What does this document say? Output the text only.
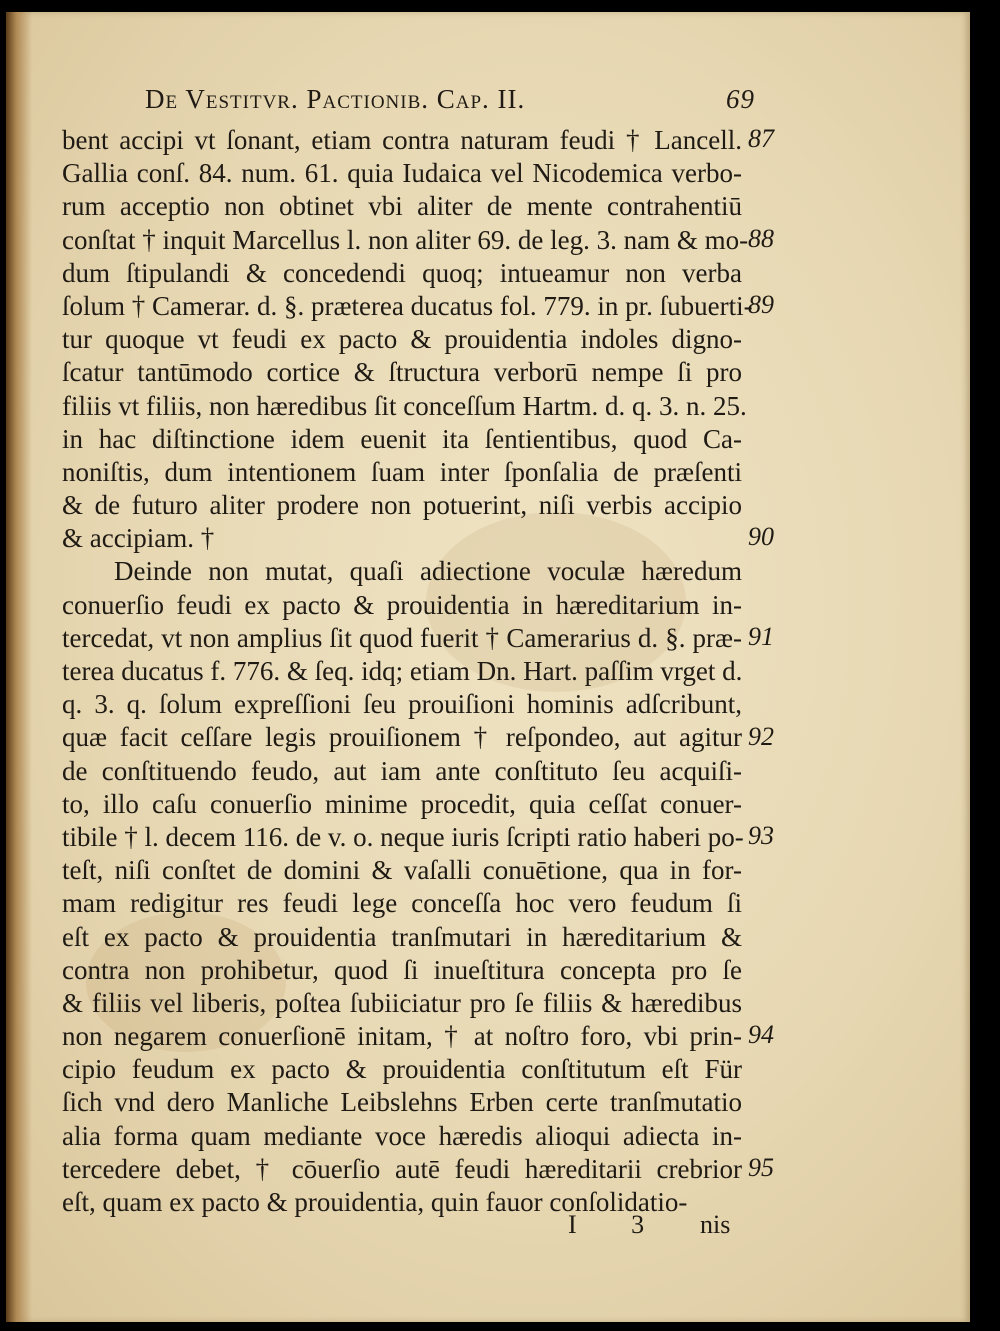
De Vestitvr. Pactionib. Cap. II.	69
bent accipi vt ſonant, etiam contra naturam feudi † Lancell.
Gallia conſ. 84. num. 61. quia Iudaica vel Nicodemica verbo-
rum acceptio non obtinet vbi aliter de mente contrahentiū
conſtat † inquit Marcellus l. non aliter 69. de leg. 3. nam & mo-
dum ſtipulandi & concedendi quoq; intueamur non verba
ſolum † Camerar. d. §. præterea ducatus fol. 779. in pr. ſubuerti-
tur quoque vt feudi ex pacto & prouidentia indoles digno-
ſcatur tantūmodo cortice & ſtructura verborū nempe ſi pro
filiis vt filiis, non hæredibus ſit conceſſum Hartm. d. q. 3. n. 25.
in hac diſtinctione idem euenit ita ſentientibus, quod Ca-
noniſtis, dum intentionem ſuam inter ſponſalia de præſenti
& de futuro aliter prodere non potuerint, niſi verbis accipio
& accipiam. †
Deinde non mutat, quaſi adiectione voculæ hæredum
conuerſio feudi ex pacto & prouidentia in hæreditarium in-
tercedat, vt non amplius ſit quod fuerit † Camerarius d. §. præ-
terea ducatus f. 776. & ſeq. idq; etiam Dn. Hart. paſſim vrget d.
q. 3. q. ſolum expreſſioni ſeu prouiſioni hominis adſcribunt,
quæ facit ceſſare legis prouiſionem † reſpondeo, aut agitur
de conſtituendo feudo, aut iam ante conſtituto ſeu acquiſi-
to, illo caſu conuerſio minime procedit, quia ceſſat conuer-
tibile † l. decem 116. de v. o. neque iuris ſcripti ratio haberi po-
teſt, niſi conſtet de domini & vaſalli conuētione, qua in for-
mam redigitur res feudi lege conceſſa hoc vero feudum ſi
eſt ex pacto & prouidentia tranſmutari in hæreditarium &
contra non prohibetur, quod ſi inueſtitura concepta pro ſe
& filiis vel liberis, poſtea ſubiiciatur pro ſe filiis & hæredibus
non negarem conuerſionē initam, † at noſtro foro, vbi prin-
cipio feudum ex pacto & prouidentia conſtitutum eſt Für
ſich vnd dero Manliche Leibslehns Erben certe tranſmutatio
alia forma quam mediante voce hæredis alioqui adiecta in-
tercedere debet, † cōuerſio autē feudi hæreditarii crebrior
eſt, quam ex pacto & prouidentia, quin fauor conſolidatio-
87
88
89
90
91
92
93
94
95
I 3 nis
